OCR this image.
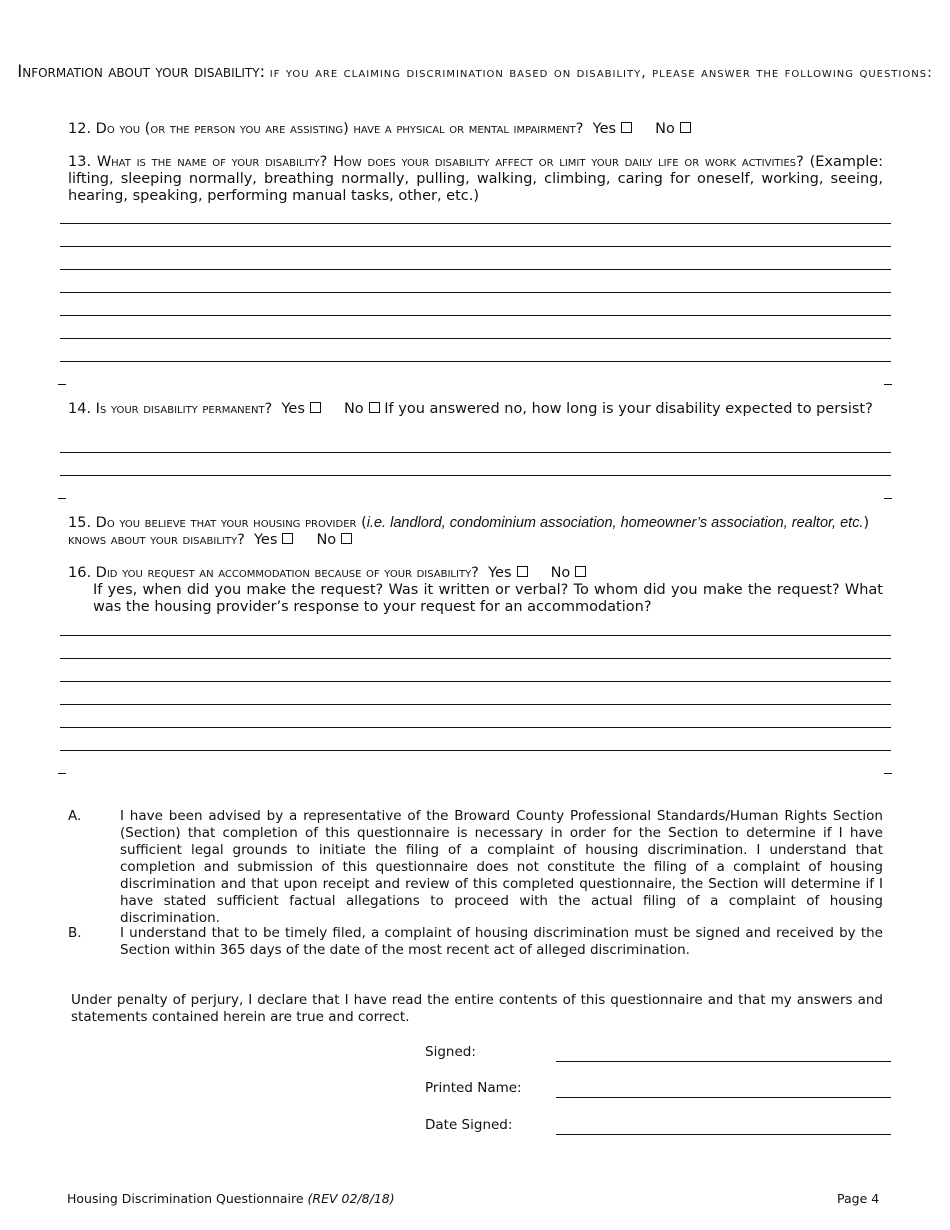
Information about your disability: if you are claiming discrimination based on disability, please answer the following questions:
12. Do you (or the person you are assisting) have a physical or mental impairment? Yes	No
13. What is the name of your disability? How does your disability affect or limit your daily life or work activities? (Example: lifting, sleeping normally, breathing normally, pulling, walking, climbing, caring for oneself, working, seeing, hearing, speaking, performing manual tasks, other, etc.)
14. Is your disability permanent? Yes	No If you answered no, how long is your disability expected to persist?
15. Do you believe that your housing provider (i.e. landlord, condominium association, homeowner’s association, realtor, etc.) knows about your disability? Yes	No
16. Did you request an accommodation because of your disability? Yes	No
If yes, when did you make the request? Was it written or verbal? To whom did you make the request? What was the housing provider’s response to your request for an accommodation?
A.	I have been advised by a representative of the Broward County Professional Standards/Human Rights Section (Section) that completion of this questionnaire is necessary in order for the Section to determine if I have sufficient legal grounds to initiate the filing of a complaint of housing discrimination. I understand that completion and submission of this questionnaire does not constitute the filing of a complaint of housing discrimination and that upon receipt and review of this completed questionnaire, the Section will determine if I have stated sufficient factual allegations to proceed with the actual filing of a complaint of housing discrimination.
B.	I understand that to be timely filed, a complaint of housing discrimination must be signed and received by the Section within 365 days of the date of the most recent act of alleged discrimination.
Under penalty of perjury, I declare that I have read the entire contents of this questionnaire and that my answers and statements contained herein are true and correct.
Signed:
Printed Name:
Date Signed:
Housing Discrimination Questionnaire (REV 02/8/18)	Page 4
